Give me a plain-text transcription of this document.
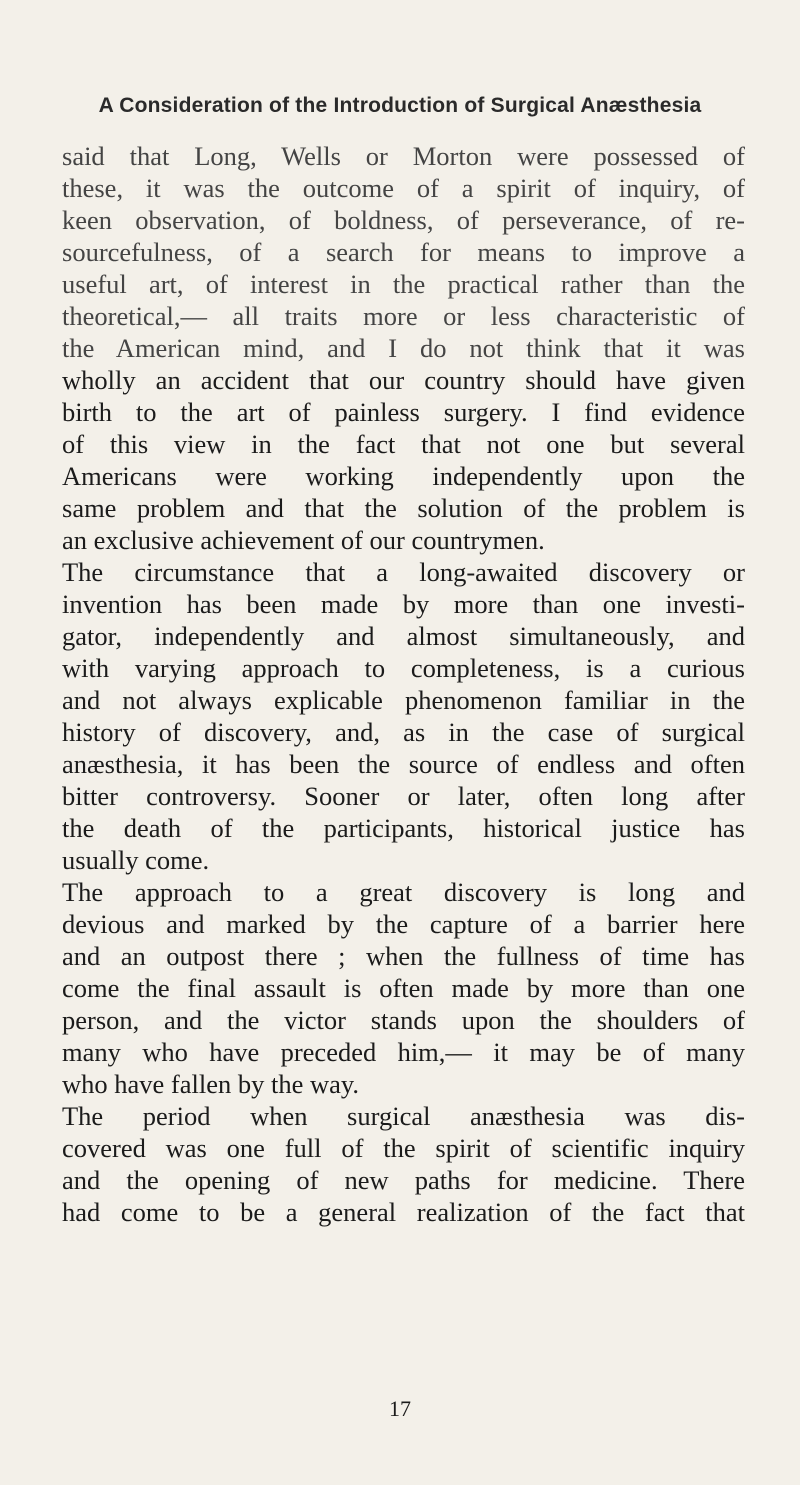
A Consideration of the Introduction of Surgical Anæsthesia
said that Long, Wells or Morton were possessed of
these, it was the outcome of a spirit of inquiry, of
keen observation, of boldness, of perseverance, of re-
sourcefulness, of a search for means to improve a
useful art, of interest in the practical rather than the
theoretical,— all traits more or less characteristic of
the American mind, and I do not think that it was
wholly an accident that our country should have given
birth to the art of painless surgery. I find evidence
of this view in the fact that not one but several
Americans were working independently upon the
same problem and that the solution of the problem is
an exclusive achievement of our countrymen.
The circumstance that a long-awaited discovery or
invention has been made by more than one investi-
gator, independently and almost simultaneously, and
with varying approach to completeness, is a curious
and not always explicable phenomenon familiar in the
history of discovery, and, as in the case of surgical
anæsthesia, it has been the source of endless and often
bitter controversy. Sooner or later, often long after
the death of the participants, historical justice has
usually come.
The approach to a great discovery is long and
devious and marked by the capture of a barrier here
and an outpost there ; when the fullness of time has
come the final assault is often made by more than one
person, and the victor stands upon the shoulders of
many who have preceded him,— it may be of many
who have fallen by the way.
The period when surgical anæsthesia was dis-
covered was one full of the spirit of scientific inquiry
and the opening of new paths for medicine. There
had come to be a general realization of the fact that
17
